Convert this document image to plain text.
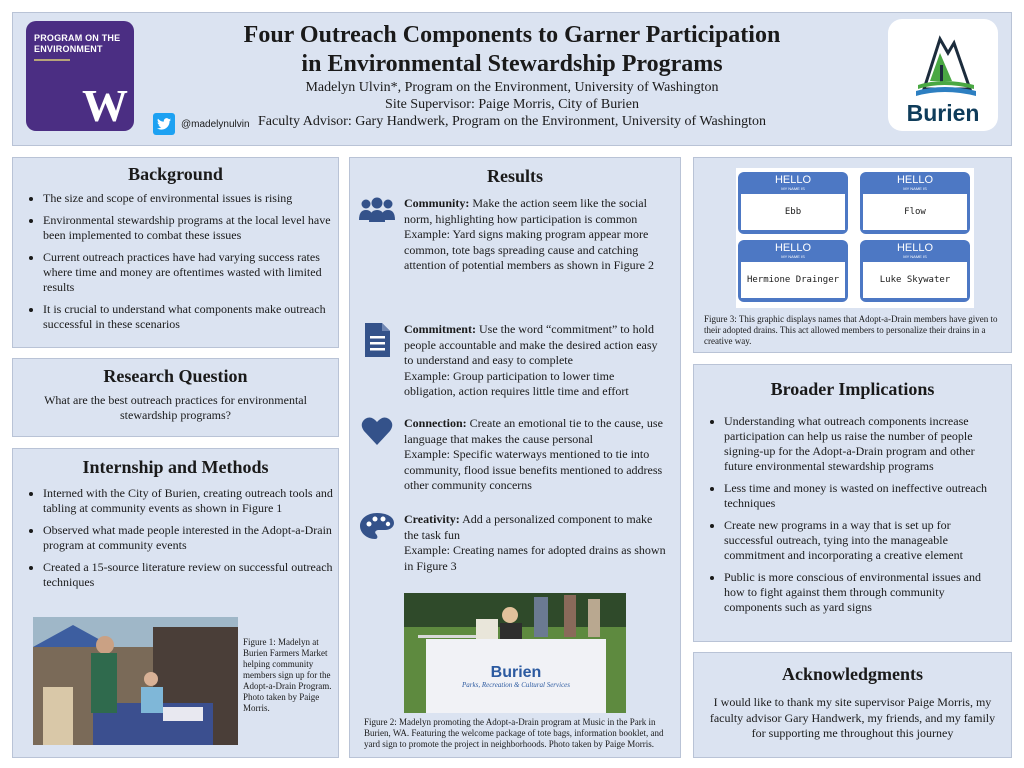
PROGRAM ON THE
ENVIRONMENT
W
Four Outreach Components to Garner Participation
in Environmental Stewardship Programs
Madelyn Ulvin*, Program on the Environment, University of Washington
Site Supervisor: Paige Morris, City of Burien
Faculty Advisor: Gary Handwerk, Program on the Environment, University of Washington
@madelynulvin	Burien
Background
• The size and scope of environmental issues is rising
• Environmental stewardship programs at the local level have been implemented to combat these issues
• Current outreach practices have had varying success rates where time and money are oftentimes wasted with limited results
• It is crucial to understand what components make outreach successful in these scenarios
Research Question
What are the best outreach practices for environmental stewardship programs?
Internship and Methods
• Interned with the City of Burien, creating outreach tools and tabling at community events as shown in Figure 1
• Observed what made people interested in the Adopt-a-Drain program at community events
• Created a 15-source literature review on successful outreach techniques
Figure 1: Madelyn at Burien Farmers Market helping community members sign up for the Adopt-a-Drain Program. Photo taken by Paige Morris.
Results
Community: Make the action seem like the social norm, highlighting how participation is common
Example: Yard signs making program appear more common, tote bags spreading cause and catching attention of potential members as shown in Figure 2
Commitment: Use the word “commitment” to hold people accountable and make the desired action easy to understand and easy to complete
Example: Group participation to lower time obligation, action requires little time and effort
Connection: Create an emotional tie to the cause, use language that makes the cause personal
Example: Specific waterways mentioned to tie into community, flood issue benefits mentioned to address other community concerns
Creativity: Add a personalized component to make the task fun
Example: Creating names for adopted drains as shown in Figure 3
Burien
Parks, Recreation & Cultural Services
Figure 2: Madelyn promoting the Adopt-a-Drain program at Music in the Park in Burien, WA. Featuring the welcome package of tote bags, information booklet, and yard sign to promote the project in neighborhoods. Photo taken by Paige Morris.
HELLO
MY NAME IS
Ebb
HELLO
MY NAME IS
Flow
HELLO
MY NAME IS
Hermione Drainger
HELLO
MY NAME IS
Luke Skywater
Figure 3: This graphic displays names that Adopt-a-Drain members have given to their adopted drains. This act allowed members to personalize their drains in a creative way.
Broader Implications
• Understanding what outreach components increase participation can help us raise the number of people signing-up for the Adopt-a-Drain program and other future environmental stewardship programs
• Less time and money is wasted on ineffective outreach techniques
• Create new programs in a way that is set up for successful outreach, tying into the manageable commitment and incorporating a creative element
• Public is more conscious of environmental issues and how to fight against them through community components such as yard signs
Acknowledgments
I would like to thank my site supervisor Paige Morris, my faculty advisor Gary Handwerk, my friends, and my family for supporting me throughout this journey
